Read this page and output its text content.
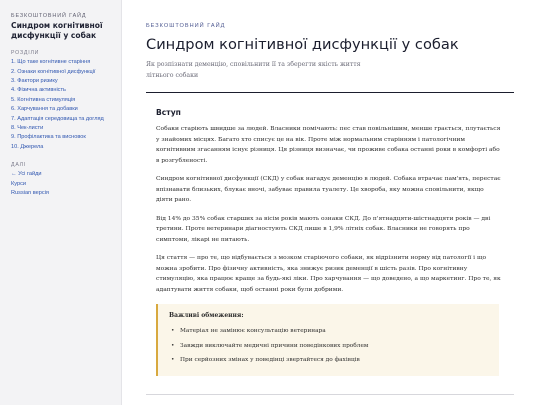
БЕЗКОШТОВНИЙ ГАЙД
Синдром когнітивної дисфункції у собак
РОЗДІЛИ
1. Що таке когнітивне старіння
2. Ознаки когнітивної дисфункції
3. Фактори ризику
4. Фізична активність
5. Когнітивна стимуляція
6. Харчування та добавки
7. Адаптація середовища та догляд
8. Чек-листи
9. Профілактика та висновок
10. Джерела
ДАЛІ
← Усі гайди
Курси
Russian версія
БЕЗКОШТОВНИЙ ГАЙД
Синдром когнітивної дисфункції у собак
Як розпізнати деменцію, сповільнити її та зберегти якість життя літнього собаки
Вступ

Собаки старіють швидше за людей. Власники помічають: пес став повільнішим, менше грається, плутається у знайомих місцях. Багато хто списує це на вік. Проте між нормальним старінням і патологічним когнітивним згасанням існує різниця. Ця різниця визначає, чи проживе собака останні роки в комфорті або в розгубленості.

Синдром когнітивної дисфункції (СКД) у собак нагадує деменцію в людей. Собака втрачає пам'ять, перестає впізнавати близьких, блукає вночі, забуває правила туалету. Це хвороба, яку можна сповільнити, якщо діяти рано.

Від 14% до 35% собак старших за вісім років мають ознаки СКД. До п'ятнадцяти-шістнадцяти років — дві третини. Проте ветеринари діагностують СКД лише в 1,9% літніх собак. Власники не говорять про симптоми, лікарі не питають.

Ця стаття — про те, що відбувається з мозком старіючого собаки, як відрізнити норму від патології і що можна зробити. Про фізичну активність, яка знижує ризик деменції в шість разів. Про когнітивну стимуляцію, яка працює краще за будь-які ліки. Про харчування — що доведено, а що маркетинг. Про те, як адаптувати життя собаки, щоб останні роки були добрими.

Важливі обмеження:
• Матеріал не замінює консультацію ветеринара
• Завжди виключайте медичні причини поведінкових проблем
• При серйозних змінах у поведінці звертайтеся до фахівців
